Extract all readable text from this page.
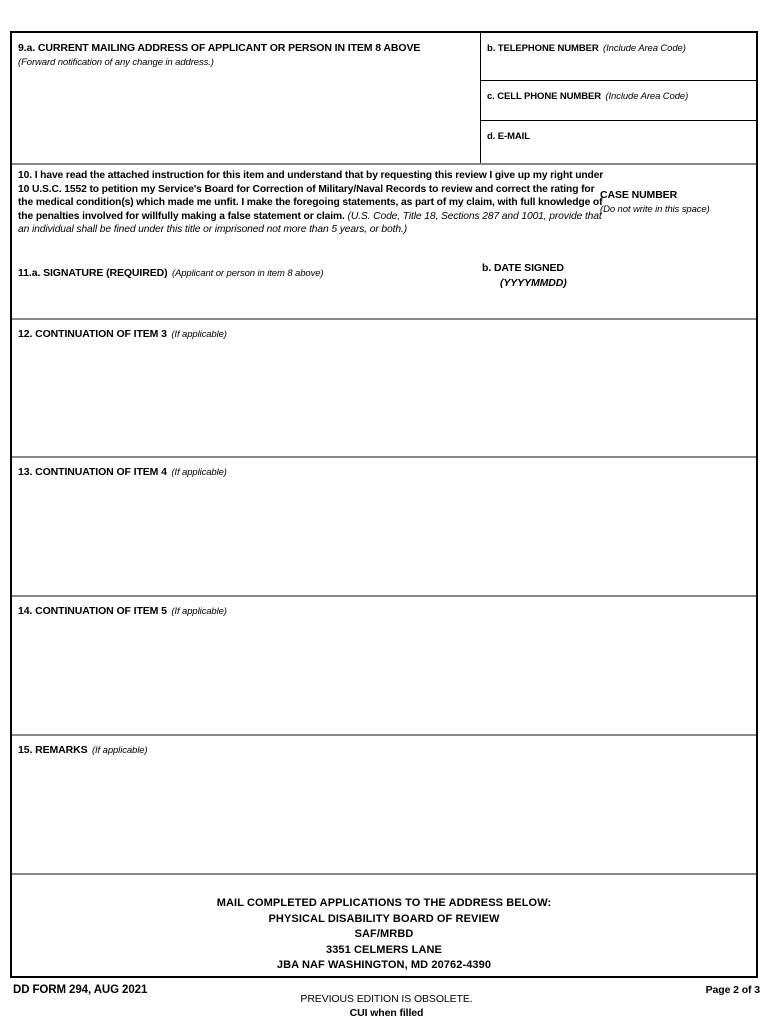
9.a. CURRENT MAILING ADDRESS OF APPLICANT OR PERSON IN ITEM 8 ABOVE
(Forward notification of any change in address.)
b. TELEPHONE NUMBER (Include Area Code)
c. CELL PHONE NUMBER (Include Area Code)
d. E-MAIL

10. I have read the attached instruction for this item and understand that by requesting this review I give up my right under 10 U.S.C. 1552 to petition my Service's Board for Correction of Military/Naval Records to review and correct the rating for the medical condition(s) which made me unfit. I make the foregoing statements, as part of my claim, with full knowledge of the penalties involved for willfully making a false statement or claim. (U.S. Code, Title 18, Sections 287 and 1001, provide that an individual shall be fined under this title or imprisoned not more than 5 years, or both.)

CASE NUMBER
(Do not write in this space)
11.a. SIGNATURE (REQUIRED) (Applicant or person in item 8 above)	b. DATE SIGNED
(YYYYMMDD)
12. CONTINUATION OF ITEM 3 (If applicable)
13. CONTINUATION OF ITEM 4 (If applicable)
14. CONTINUATION OF ITEM 5 (If applicable)
15. REMARKS (If applicable)
MAIL COMPLETED APPLICATIONS TO THE ADDRESS BELOW:
PHYSICAL DISABILITY BOARD OF REVIEW
SAF/MRBD
3351 CELMERS LANE
JBA NAF WASHINGTON, MD 20762-4390
DD FORM 294, AUG 2021	Page 2 of 3
PREVIOUS EDITION IS OBSOLETE.
CUI when filled
